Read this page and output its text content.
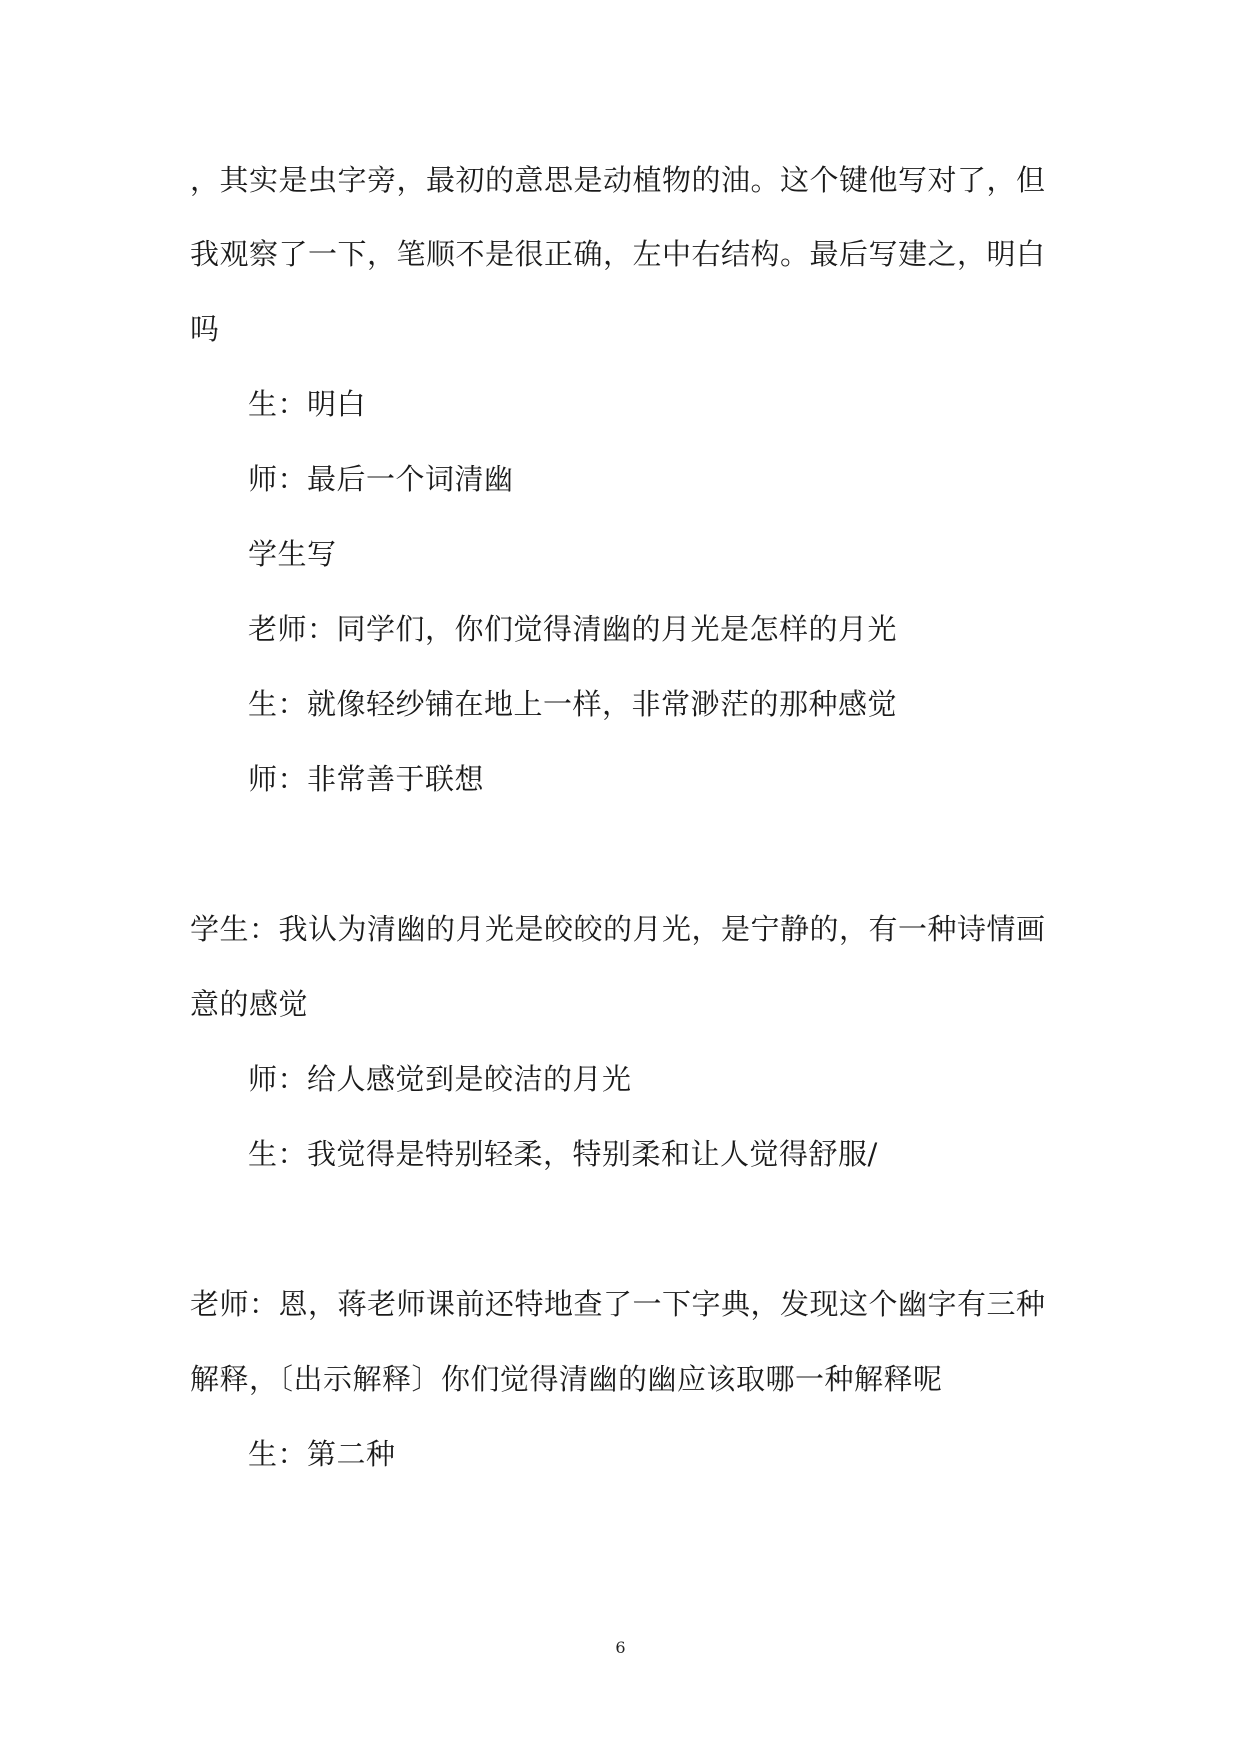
，其实是虫字旁，最初的意思是动植物的油。这个键他写对了，但
我观察了一下，笔顺不是很正确，左中右结构。最后写建之，明白
吗
生：明白
师：最后一个词清幽
学生写
老师：同学们，你们觉得清幽的月光是怎样的月光
生：就像轻纱铺在地上一样，非常渺茫的那种感觉
师：非常善于联想
学生：我认为清幽的月光是皎皎的月光，是宁静的，有一种诗情画
意的感觉
师：给人感觉到是皎洁的月光
生：我觉得是特别轻柔，特别柔和让人觉得舒服/
老师：恩，蒋老师课前还特地查了一下字典，发现这个幽字有三种
解释，〔出示解释〕你们觉得清幽的幽应该取哪一种解释呢
生：第二种
6
